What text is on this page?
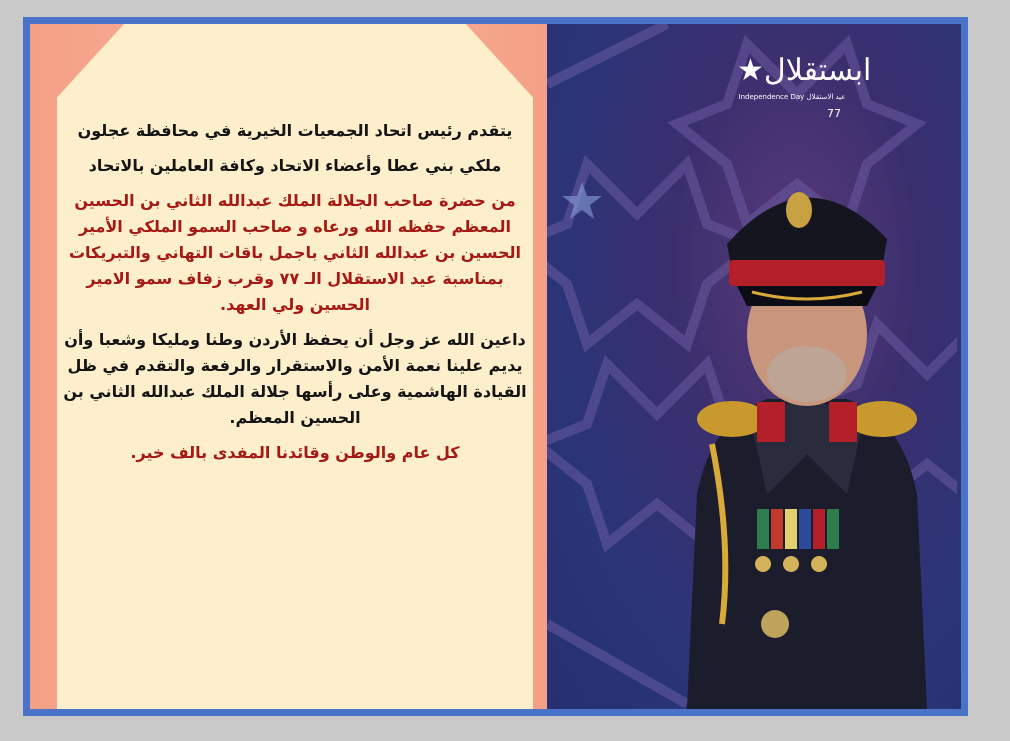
يتقدم رئيس اتحاد الجمعيات الخيرية في محافظة عجلون

ملكي بني عطا وأعضاء الاتحاد وكافة العاملين بالاتحاد

من حضرة صاحب الجلالة الملك عبدالله الثاني بن الحسين المعظم حفظه الله ورعاه و صاحب السمو الملكي الأمير الحسين بن عبدالله الثاني باجمل باقات التهاني والتبريكات بمناسبة عيد الاستقلال الـ ٧٧ وقرب زفاف سمو الامير الحسين ولي العهد.

داعين الله عز وجل أن يحفظ الأردن وطنا ومليكا وشعبا وأن يديم علينا نعمة الأمن والاستقرار والرفعة والتقدم في ظل القيادة الهاشمية وعلى رأسها جلالة الملك عبدالله الثاني بن الحسين المعظم.

كل عام والوطن وقائدنا المفدى بالف خير.

★ابستقلال
Independence Day عيد الاستقلال
77
